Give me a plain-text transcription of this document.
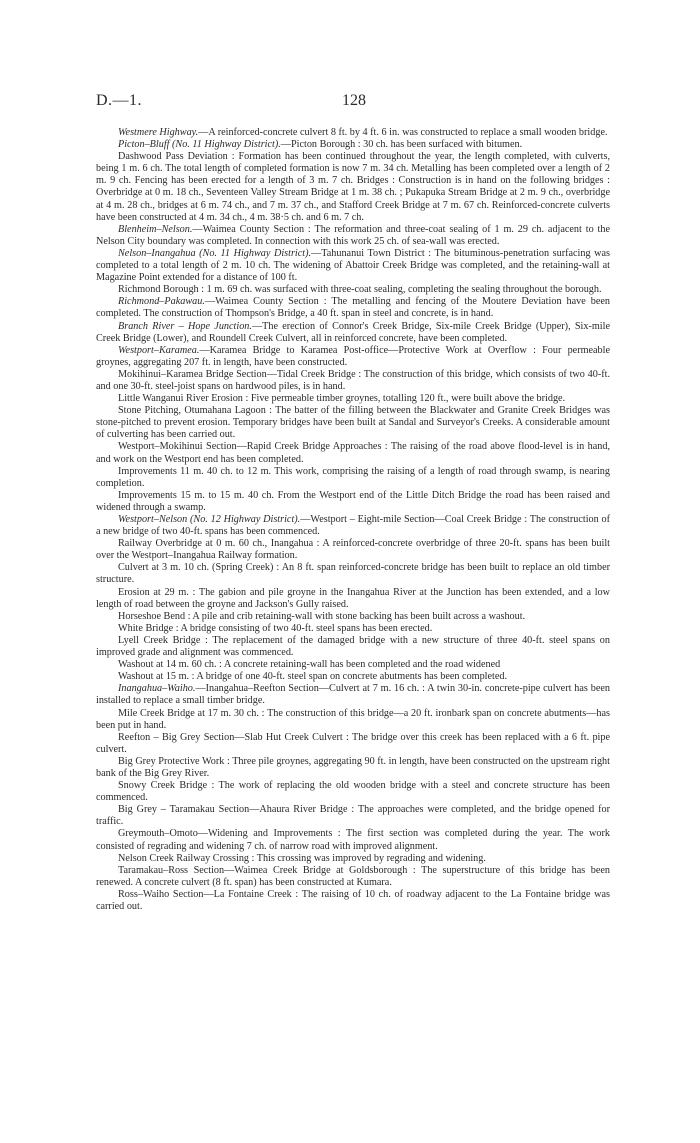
D.—1.	128

Westmere Highway.—A reinforced-concrete culvert 8 ft. by 4 ft. 6 in. was constructed to replace a small wooden bridge.

Picton–Bluff (No. 11 Highway District).—Picton Borough : 30 ch. has been surfaced with bitumen.

Dashwood Pass Deviation : Formation has been continued throughout the year, the length completed, with culverts, being 1 m. 6 ch. The total length of completed formation is now 7 m. 34 ch. Metalling has been completed over a length of 2 m. 9 ch. Fencing has been erected for a length of 3 m. 7 ch. Bridges : Construction is in hand on the following bridges : Overbridge at 0 m. 18 ch., Seventeen Valley Stream Bridge at 1 m. 38 ch. ; Pukapuka Stream Bridge at 2 m. 9 ch., overbridge at 4 m. 28 ch., bridges at 6 m. 74 ch., and 7 m. 37 ch., and Stafford Creek Bridge at 7 m. 67 ch. Reinforced-concrete culverts have been constructed at 4 m. 34 ch., 4 m. 38·5 ch. and 6 m. 7 ch.

Blenheim–Nelson.—Waimea County Section : The reformation and three-coat sealing of 1 m. 29 ch. adjacent to the Nelson City boundary was completed. In connection with this work 25 ch. of sea-wall was erected.

Nelson–Inangahua (No. 11 Highway District).—Tahunanui Town District : The bituminous-penetration surfacing was completed to a total length of 2 m. 10 ch. The widening of Abattoir Creek Bridge was completed, and the retaining-wall at Magazine Point extended for a distance of 100 ft.

Richmond Borough : 1 m. 69 ch. was surfaced with three-coat sealing, completing the sealing throughout the borough.

Richmond–Pakawau.—Waimea County Section : The metalling and fencing of the Moutere Deviation have been completed. The construction of Thompson's Bridge, a 40 ft. span in steel and concrete, is in hand.

Branch River – Hope Junction.—The erection of Connor's Creek Bridge, Six-mile Creek Bridge (Upper), Six-mile Creek Bridge (Lower), and Roundell Creek Culvert, all in reinforced concrete, have been completed.

Westport–Karamea.—Karamea Bridge to Karamea Post-office—Protective Work at Overflow : Four permeable groynes, aggregating 207 ft. in length, have been constructed.

Mokihinui–Karamea Bridge Section—Tidal Creek Bridge : The construction of this bridge, which consists of two 40-ft. and one 30-ft. steel-joist spans on hardwood piles, is in hand.

Little Wanganui River Erosion : Five permeable timber groynes, totalling 120 ft., were built above the bridge.

Stone Pitching, Otumahana Lagoon : The batter of the filling between the Blackwater and Granite Creek Bridges was stone-pitched to prevent erosion. Temporary bridges have been built at Sandal and Surveyor's Creeks. A considerable amount of culverting has been carried out.

Westport–Mokihinui Section—Rapid Creek Bridge Approaches : The raising of the road above flood-level is in hand, and work on the Westport end has been completed.

Improvements 11 m. 40 ch. to 12 m. This work, comprising the raising of a length of road through swamp, is nearing completion.

Improvements 15 m. to 15 m. 40 ch. From the Westport end of the Little Ditch Bridge the road has been raised and widened through a swamp.

Westport–Nelson (No. 12 Highway District).—Westport – Eight-mile Section—Coal Creek Bridge : The construction of a new bridge of two 40-ft. spans has been commenced.

Railway Overbridge at 0 m. 60 ch., Inangahua : A reinforced-concrete overbridge of three 20-ft. spans has been built over the Westport–Inangahua Railway formation.

Culvert at 3 m. 10 ch. (Spring Creek) : An 8 ft. span reinforced-concrete bridge has been built to replace an old timber structure.

Erosion at 29 m. : The gabion and pile groyne in the Inangahua River at the Junction has been extended, and a low length of road between the groyne and Jackson's Gully raised.

Horseshoe Bend : A pile and crib retaining-wall with stone backing has been built across a washout.

White Bridge : A bridge consisting of two 40-ft. steel spans has been erected.

Lyell Creek Bridge : The replacement of the damaged bridge with a new structure of three 40-ft. steel spans on improved grade and alignment was commenced.

Washout at 14 m. 60 ch. : A concrete retaining-wall has been completed and the road widened

Washout at 15 m. : A bridge of one 40-ft. steel span on concrete abutments has been completed.

Inangahua–Waiho.—Inangahua–Reefton Section—Culvert at 7 m. 16 ch. : A twin 30-in. concrete-pipe culvert has been installed to replace a small timber bridge.

Mile Creek Bridge at 17 m. 30 ch. : The construction of this bridge—a 20 ft. ironbark span on concrete abutments—has been put in hand.

Reefton – Big Grey Section—Slab Hut Creek Culvert : The bridge over this creek has been replaced with a 6 ft. pipe culvert.

Big Grey Protective Work : Three pile groynes, aggregating 90 ft. in length, have been constructed on the upstream right bank of the Big Grey River.

Snowy Creek Bridge : The work of replacing the old wooden bridge with a steel and concrete structure has been commenced.

Big Grey – Taramakau Section—Ahaura River Bridge : The approaches were completed, and the bridge opened for traffic.

Greymouth–Omoto—Widening and Improvements : The first section was completed during the year. The work consisted of regrading and widening 7 ch. of narrow road with improved alignment.

Nelson Creek Railway Crossing : This crossing was improved by regrading and widening.

Taramakau–Ross Section—Waimea Creek Bridge at Goldsborough : The superstructure of this bridge has been renewed. A concrete culvert (8 ft. span) has been constructed at Kumara.

Ross–Waiho Section—La Fontaine Creek : The raising of 10 ch. of roadway adjacent to the La Fontaine bridge was carried out.
